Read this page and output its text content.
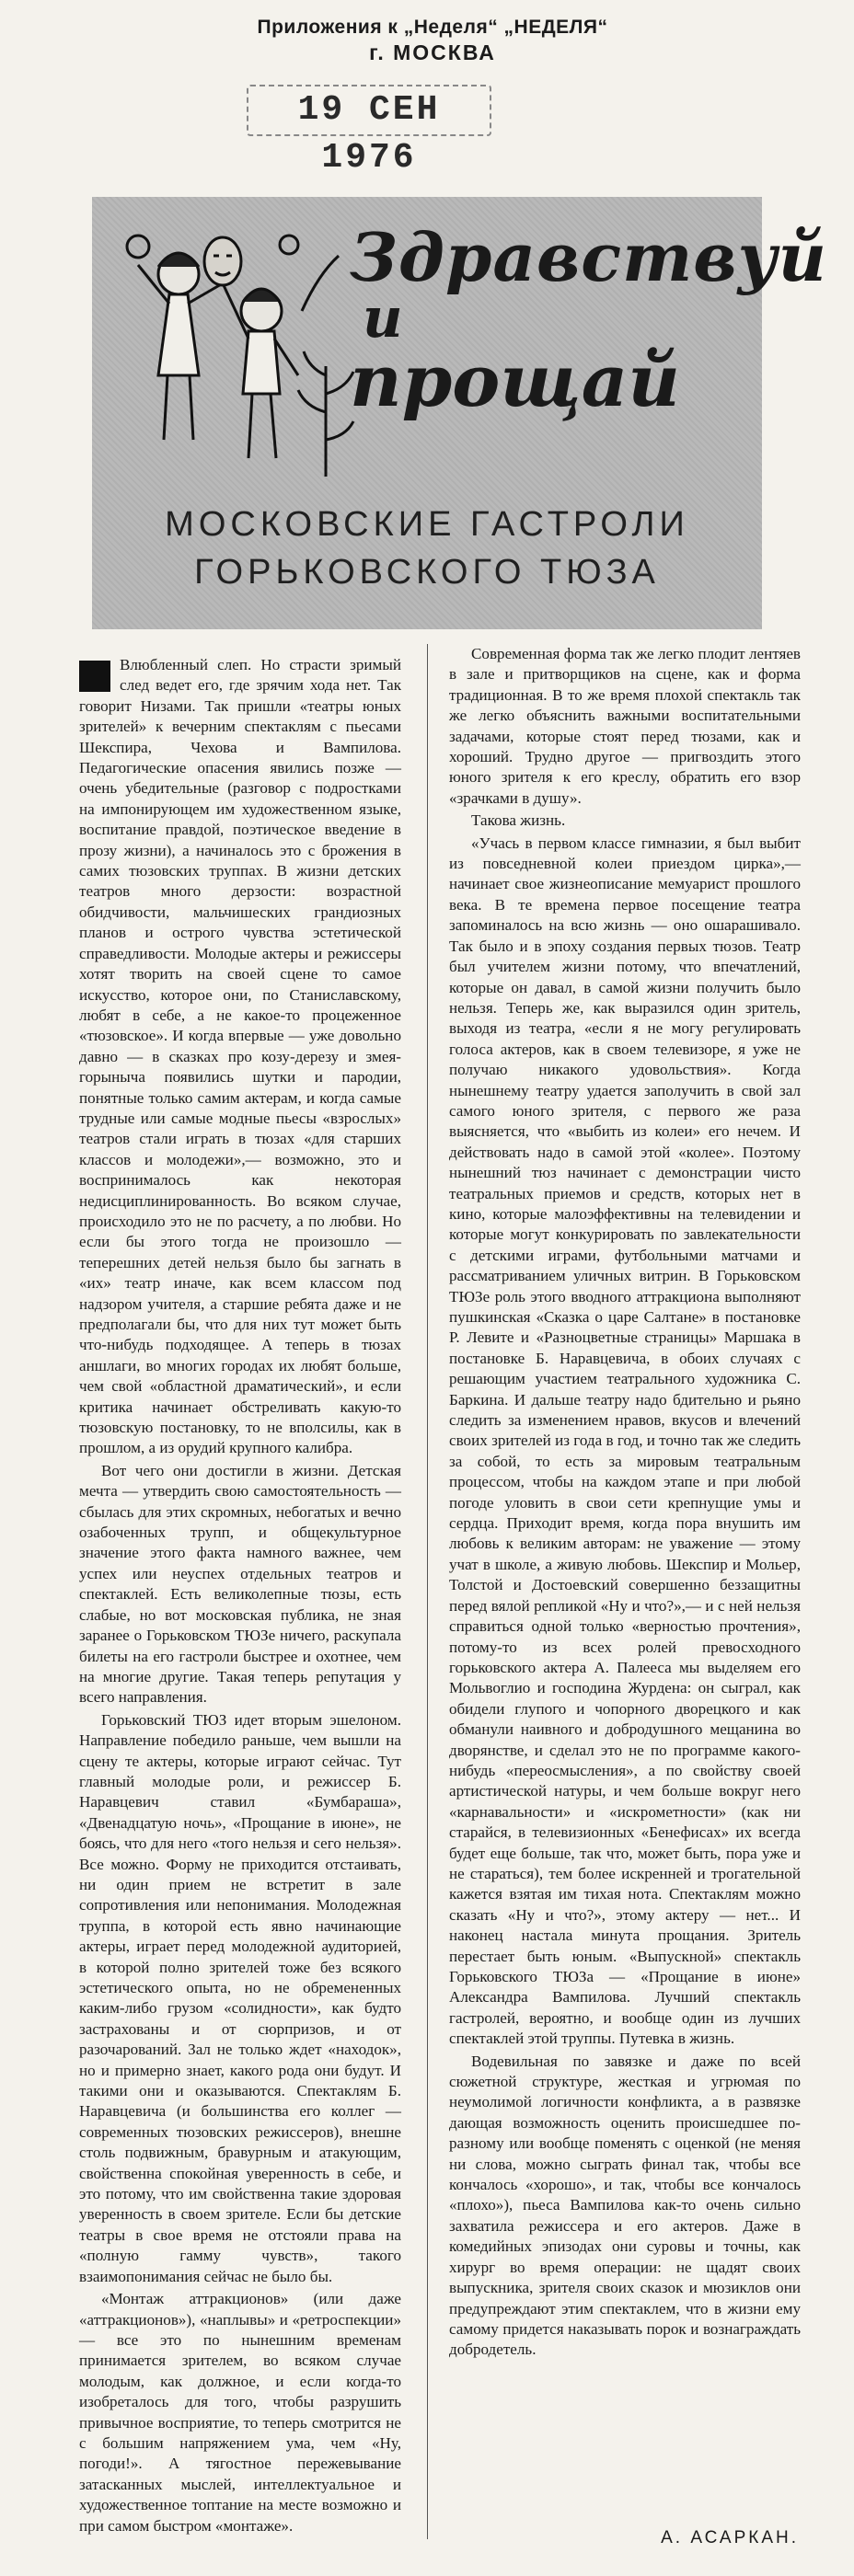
Приложения к „Неделя“ „НЕДЕЛЯ“
г. МОСКВА
19 СЕН 1976
Здравствуй
и
прощай
МОСКОВСКИЕ ГАСТРОЛИ
ГОРЬКОВСКОГО ТЮЗА

Влюбленный слеп. Но страсти зримый след ведет его, где зрячим хода нет. Так говорит Низами. Так пришли «театры юных зрителей» к вечерним спектаклям с пьесами Шекспира, Чехова и Вампилова. Педагогические опасения явились позже — очень убедительные (разговор с подростками на импонирующем им художественном языке, воспитание правдой, поэтическое введение в прозу жизни), а начиналось это с брожения в самих тюзовских труппах. В жизни детских театров много дерзости: возрастной обидчивости, мальчишеских грандиозных планов и острого чувства эстетической справедливости. Молодые актеры и режиссеры хотят творить на своей сцене то самое искусство, которое они, по Станиславскому, любят в себе, а не какое-то процеженное «тюзовское». И когда впервые — уже довольно давно — в сказках про козу-дерезу и змея-горыныча появились шутки и пародии, понятные только самим актерам, и когда самые трудные или самые модные пьесы «взрослых» театров стали играть в тюзах «для старших классов и молодежи»,— возможно, это и воспринималось как некоторая недисциплинированность. Во всяком случае, происходило это не по расчету, а по любви. Но если бы этого тогда не произошло — теперешних детей нельзя было бы загнать в «их» театр иначе, как всем классом под надзором учителя, а старшие ребята даже и не предполагали бы, что для них тут может быть что-нибудь подходящее. А теперь в тюзах аншлаги, во многих городах их любят больше, чем свой «областной драматический», и если критика начинает обстреливать какую-то тюзовскую постановку, то не вполсилы, как в прошлом, а из орудий крупного калибра.

Вот чего они достигли в жизни. Детская мечта — утвердить свою самостоятельность — сбылась для этих скромных, небогатых и вечно озабоченных трупп, и общекультурное значение этого факта намного важнее, чем успех или неуспех отдельных театров и спектаклей. Есть великолепные тюзы, есть слабые, но вот московская публика, не зная заранее о Горьковском ТЮЗе ничего, раскупала билеты на его гастроли быстрее и охотнее, чем на многие другие. Такая теперь репутация у всего направления.

Горьковский ТЮЗ идет вторым эшелоном. Направление победило раньше, чем вышли на сцену те актеры, которые играют сейчас. Тут главный молодые роли, и режиссер Б. Наравцевич ставил «Бумбараша», «Двенадцатую ночь», «Прощание в июне», не боясь, что для него «того нельзя и сего нельзя». Все можно. Форму не приходится отстаивать, ни один прием не встретит в зале сопротивления или непонимания. Молодежная труппа, в которой есть явно начинающие актеры, играет перед молодежной аудиторией, в которой полно зрителей тоже без всякого эстетического опыта, но не обремененных каким-либо грузом «солидности», как будто застрахованы и от сюрпризов, и от разочарований. Зал не только ждет «находок», но и примерно знает, какого рода они будут. И такими они и оказываются. Спектаклям Б. Наравцевича (и большинства его коллег — современных тюзовских режиссеров), внешне столь подвижным, бравурным и атакующим, свойственна спокойная уверенность в себе, и это потому, что им свойственна такие здоровая уверенность в своем зрителе. Если бы детские театры в свое время не отстояли права на «полную гамму чувств», такого взаимопонимания сейчас не было бы.

«Монтаж аттракционов» (или даже «аттракционов»), «наплывы» и «ретроспекции» — все это по нынешним временам принимается зрителем, во всяком случае молодым, как должное, и если когда-то изобреталось для того, чтобы разрушить привычное восприятие, то теперь смотрится не с большим напряжением ума, чем «Ну, погоди!». А тягостное пережевывание затасканных мыслей, интеллектуальное и художественное топтание на месте возможно и при самом быстром «монтаже».

Современная форма так же легко плодит лентяев в зале и притворщиков на сцене, как и форма традиционная. В то же время плохой спектакль так же легко объяснить важными воспитательными задачами, которые стоят перед тюзами, как и хороший. Трудно другое — пригвоздить этого юного зрителя к его креслу, обратить его взор «зрачками в душу».

Такова жизнь.

«Учась в первом классе гимназии, я был выбит из повседневной колеи приездом цирка»,— начинает свое жизнеописание мемуарист прошлого века. В те времена первое посещение театра запоминалось на всю жизнь — оно ошарашивало. Так было и в эпоху создания первых тюзов. Театр был учителем жизни потому, что впечатлений, которые он давал, в самой жизни получить было нельзя. Теперь же, как выразился один зритель, выходя из театра, «если я не могу регулировать голоса актеров, как в своем телевизоре, я уже не получаю никакого удовольствия». Когда нынешнему театру удается заполучить в свой зал самого юного зрителя, с первого же раза выясняется, что «выбить из колеи» его нечем. И действовать надо в самой этой «колее». Поэтому нынешний тюз начинает с демонстрации чисто театральных приемов и средств, которых нет в кино, которые малоэффективны на телевидении и которые могут конкурировать по завлекательности с детскими играми, футбольными матчами и рассматриванием уличных витрин. В Горьковском ТЮЗе роль этого вводного аттракциона выполняют пушкинская «Сказка о царе Салтане» в постановке Р. Левите и «Разноцветные страницы» Маршака в постановке Б. Наравцевича, в обоих случаях с решающим участием театрального художника С. Баркина. И дальше театру надо бдительно и рьяно следить за изменением нравов, вкусов и влечений своих зрителей из года в год, и точно так же следить за собой, то есть за мировым театральным процессом, чтобы на каждом этапе и при любой погоде уловить в свои сети крепнущие умы и сердца. Приходит время, когда пора внушить им любовь к великим авторам: не уважение — этому учат в школе, а живую любовь. Шекспир и Мольер, Толстой и Достоевский совершенно беззащитны перед вялой репликой «Ну и что?»,— и с ней нельзя справиться одной только «верностью прочтения», потому-то из всех ролей превосходного горьковского актера А. Палееса мы выделяем его Мольвоглио и господина Журдена: он сыграл, как обидели глупого и чопорного дворецкого и как обманули наивного и добродушного мещанина во дворянстве, и сделал это не по программе какого-нибудь «переосмысления», а по свойству своей артистической натуры, и чем больше вокруг него «карнавальности» и «искрометности» (как ни старайся, в телевизионных «Бенефисах» их всегда будет еще больше, так что, может быть, пора уже и не стараться), тем более искренней и трогательной кажется взятая им тихая нота. Спектаклям можно сказать «Ну и что?», этому актеру — нет... И наконец настала минута прощания. Зритель перестает быть юным. «Выпускной» спектакль Горьковского ТЮЗа — «Прощание в июне» Александра Вампилова. Лучший спектакль гастролей, вероятно, и вообще один из лучших спектаклей этой труппы. Путевка в жизнь.

Водевильная по завязке и даже по всей сюжетной структуре, жесткая и угрюмая по неумолимой логичности конфликта, а в развязке дающая возможность оценить происшедшее по-разному или вообще поменять с оценкой (не меняя ни слова, можно сыграть финал так, чтобы все кончалось «хорошо», и так, чтобы все кончалось «плохо»), пьеса Вампилова как-то очень сильно захватила режиссера и его актеров. Даже в комедийных эпизодах они суровы и точны, как хирург во время операции: не щадят своих выпускника, зрителя своих сказок и мюзиклов они предупреждают этим спектаклем, что в жизни ему самому придется наказывать порок и вознаграждать добродетель.

А. АСАРКАН.
